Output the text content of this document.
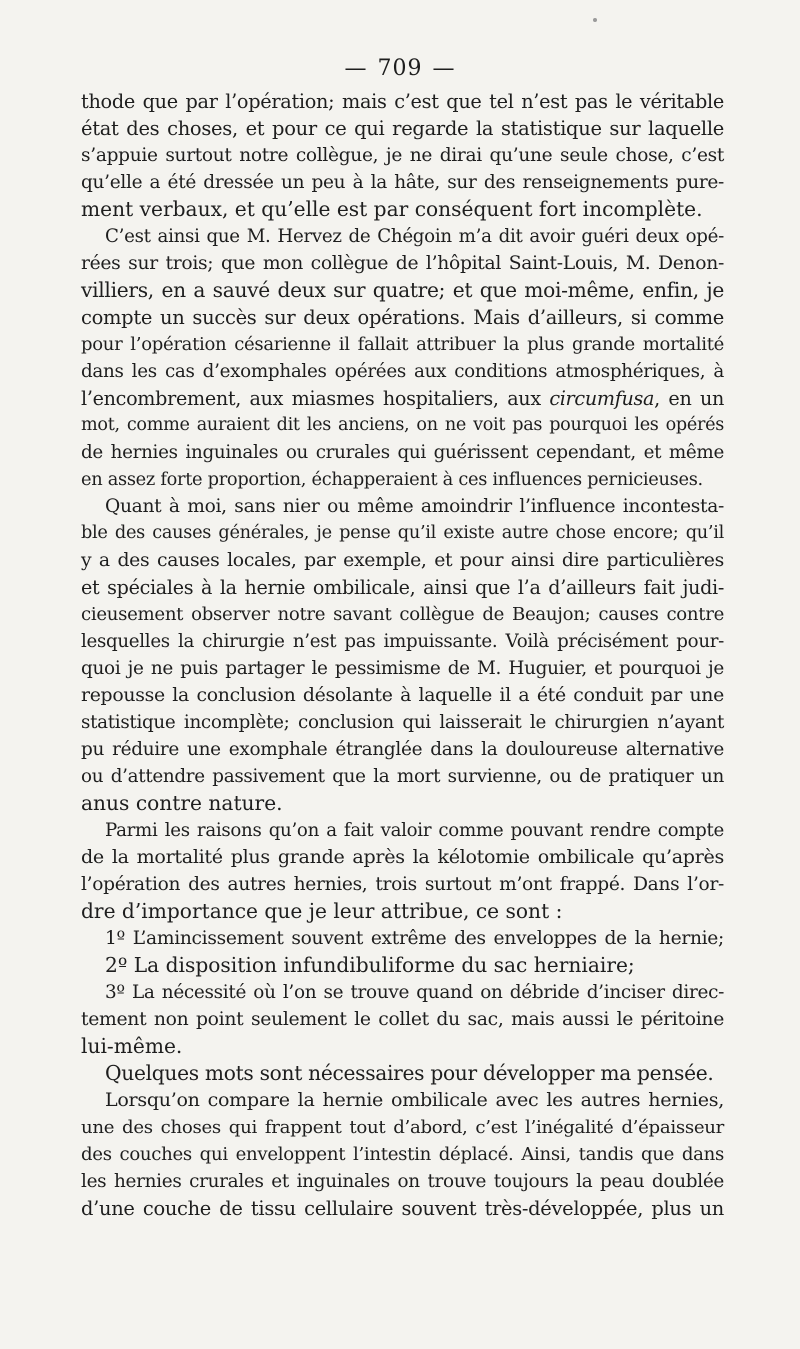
— 709 —
thode que par l’opération; mais c’est que tel n’est pas le véritable
état des choses, et pour ce qui regarde la statistique sur laquelle
s’appuie surtout notre collègue, je ne dirai qu’une seule chose, c’est
qu’elle a été dressée un peu à la hâte, sur des renseignements pure-
ment verbaux, et qu’elle est par conséquent fort incomplète.
C’est ainsi que M. Hervez de Chégoin m’a dit avoir guéri deux opé-
rées sur trois; que mon collègue de l’hôpital Saint-Louis, M. Denon-
villiers, en a sauvé deux sur quatre; et que moi-même, enfin, je
compte un succès sur deux opérations. Mais d’ailleurs, si comme
pour l’opération césarienne il fallait attribuer la plus grande mortalité
dans les cas d’exomphales opérées aux conditions atmosphériques, à
l’encombrement, aux miasmes hospitaliers, aux circumfusa, en un
mot, comme auraient dit les anciens, on ne voit pas pourquoi les opérés
de hernies inguinales ou crurales qui guérissent cependant, et même
en assez forte proportion, échapperaient à ces influences pernicieuses.
Quant à moi, sans nier ou même amoindrir l’influence incontesta-
ble des causes générales, je pense qu’il existe autre chose encore; qu’il
y a des causes locales, par exemple, et pour ainsi dire particulières
et spéciales à la hernie ombilicale, ainsi que l’a d’ailleurs fait judi-
cieusement observer notre savant collègue de Beaujon; causes contre
lesquelles la chirurgie n’est pas impuissante. Voilà précisément pour-
quoi je ne puis partager le pessimisme de M. Huguier, et pourquoi je
repousse la conclusion désolante à laquelle il a été conduit par une
statistique incomplète; conclusion qui laisserait le chirurgien n’ayant
pu réduire une exomphale étranglée dans la douloureuse alternative
ou d’attendre passivement que la mort survienne, ou de pratiquer un
anus contre nature.
Parmi les raisons qu’on a fait valoir comme pouvant rendre compte
de la mortalité plus grande après la kélotomie ombilicale qu’après
l’opération des autres hernies, trois surtout m’ont frappé. Dans l’or-
dre d’importance que je leur attribue, ce sont :
1º L’amincissement souvent extrême des enveloppes de la hernie;
2º La disposition infundibuliforme du sac herniaire;
3º La nécessité où l’on se trouve quand on débride d’inciser direc-
tement non point seulement le collet du sac, mais aussi le péritoine
lui-même.
Quelques mots sont nécessaires pour développer ma pensée.
Lorsqu’on compare la hernie ombilicale avec les autres hernies,
une des choses qui frappent tout d’abord, c’est l’inégalité d’épaisseur
des couches qui enveloppent l’intestin déplacé. Ainsi, tandis que dans
les hernies crurales et inguinales on trouve toujours la peau doublée
d’une couche de tissu cellulaire souvent très-développée, plus un
